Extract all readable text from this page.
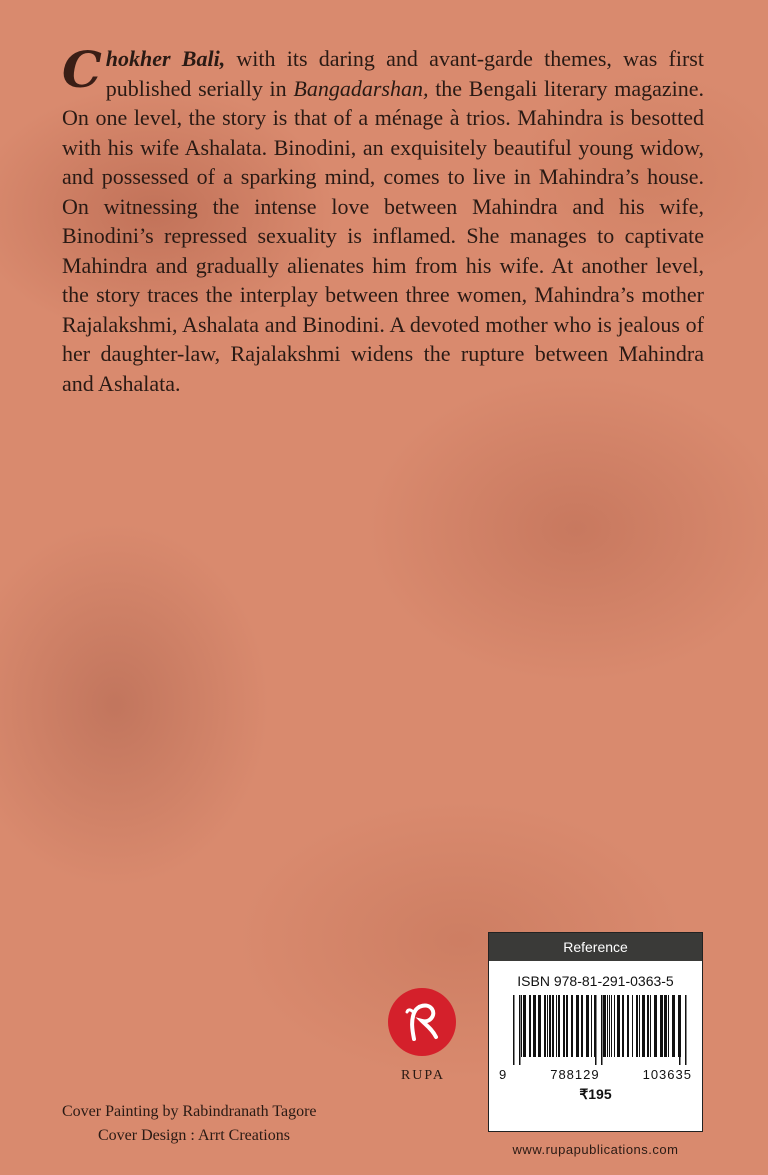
Chokher Bali, with its daring and avant-garde themes, was first published serially in Bangadarshan, the Bengali literary magazine. On one level, the story is that of a ménage à trios. Mahindra is besotted with his wife Ashalata. Binodini, an exquisitely beautiful young widow, and possessed of a sparking mind, comes to live in Mahindra’s house. On witnessing the intense love between Mahindra and his wife, Binodini’s repressed sexuality is inflamed. She manages to captivate Mahindra and gradually alienates him from his wife. At another level, the story traces the interplay between three women, Mahindra’s mother Rajalakshmi, Ashalata and Binodini. A devoted mother who is jealous of her daughter-law, Rajalakshmi widens the rupture between Mahindra and Ashalata.

RUPA
Cover Painting by Rabindranath Tagore
Cover Design : Arrt Creations
Reference
ISBN 978-81-291-0363-5
9	788129	103635
₹195
www.rupapublications.com
